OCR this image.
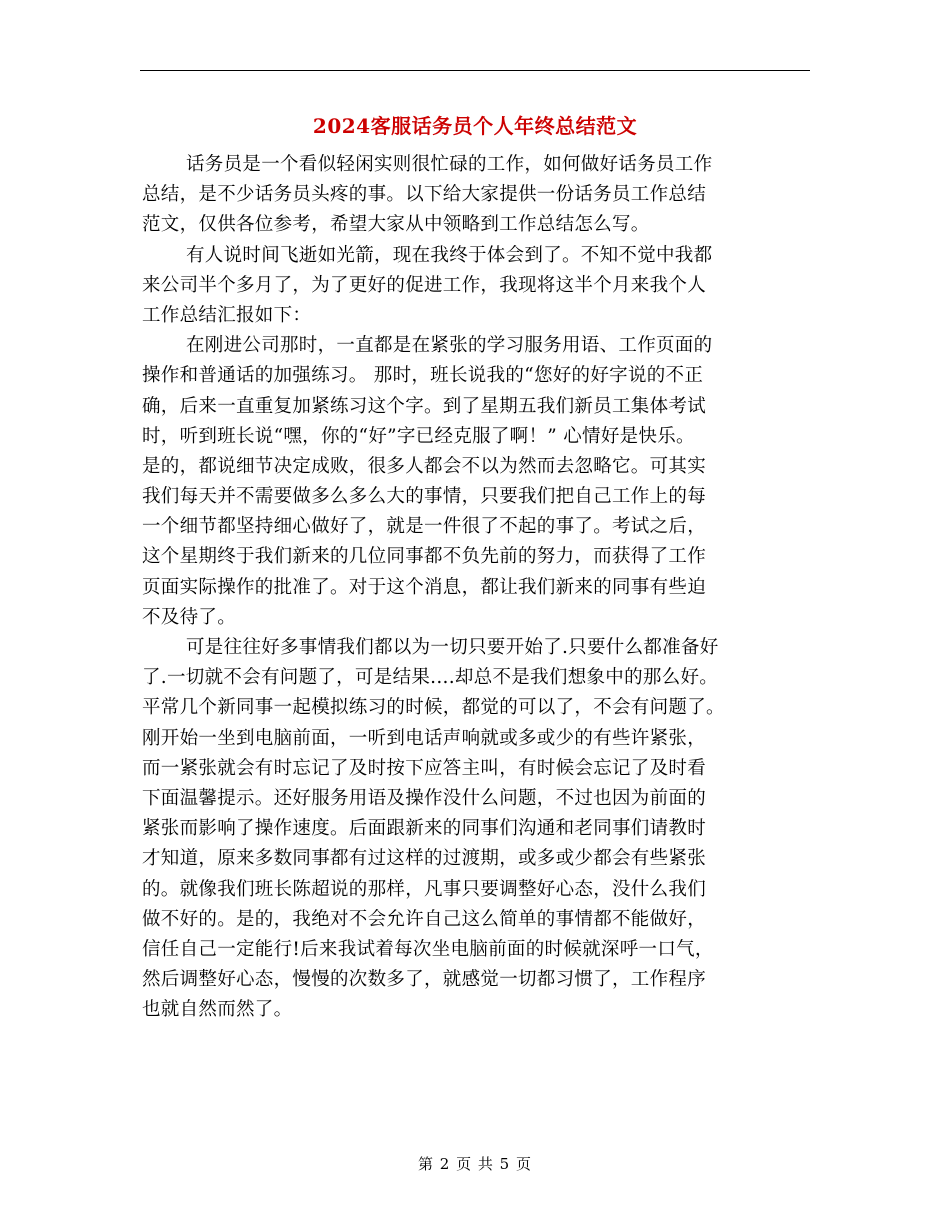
2024客服话务员个人年终总结范文
话务员是一个看似轻闲实则很忙碌的工作，如何做好话务员工作
总结，是不少话务员头疼的事。以下给大家提供一份话务员工作总结
范文，仅供各位参考，希望大家从中领略到工作总结怎么写。
有人说时间飞逝如光箭，现在我终于体会到了。不知不觉中我都
来公司半个多月了，为了更好的促进工作，我现将这半个月来我个人
工作总结汇报如下：
在刚进公司那时，一直都是在紧张的学习服务用语、工作页面的
操作和普通话的加强练习。 那时，班长说我的“您好的好字说的不正
确，后来一直重复加紧练习这个字。到了星期五我们新员工集体考试
时，听到班长说“嘿，你的“好”字已经克服了啊！” 心情好是快乐。
是的，都说细节决定成败，很多人都会不以为然而去忽略它。可其实
我们每天并不需要做多么多么大的事情，只要我们把自己工作上的每
一个细节都坚持细心做好了，就是一件很了不起的事了。考试之后，
这个星期终于我们新来的几位同事都不负先前的努力，而获得了工作
页面实际操作的批准了。对于这个消息，都让我们新来的同事有些迫
不及待了。
可是往往好多事情我们都以为一切只要开始了.只要什么都准备好
了.一切就不会有问题了，可是结果....却总不是我们想象中的那么好。
平常几个新同事一起模拟练习的时候，都觉的可以了，不会有问题了。
刚开始一坐到电脑前面，一听到电话声响就或多或少的有些许紧张，
而一紧张就会有时忘记了及时按下应答主叫，有时候会忘记了及时看
下面温馨提示。还好服务用语及操作没什么问题，不过也因为前面的
紧张而影响了操作速度。后面跟新来的同事们沟通和老同事们请教时
才知道，原来多数同事都有过这样的过渡期，或多或少都会有些紧张
的。就像我们班长陈超说的那样，凡事只要调整好心态，没什么我们
做不好的。是的，我绝对不会允许自己这么简单的事情都不能做好，
信任自己一定能行!后来我试着每次坐电脑前面的时候就深呼一口气，
然后调整好心态，慢慢的次数多了，就感觉一切都习惯了，工作程序
也就自然而然了。
第 2 页 共 5 页
